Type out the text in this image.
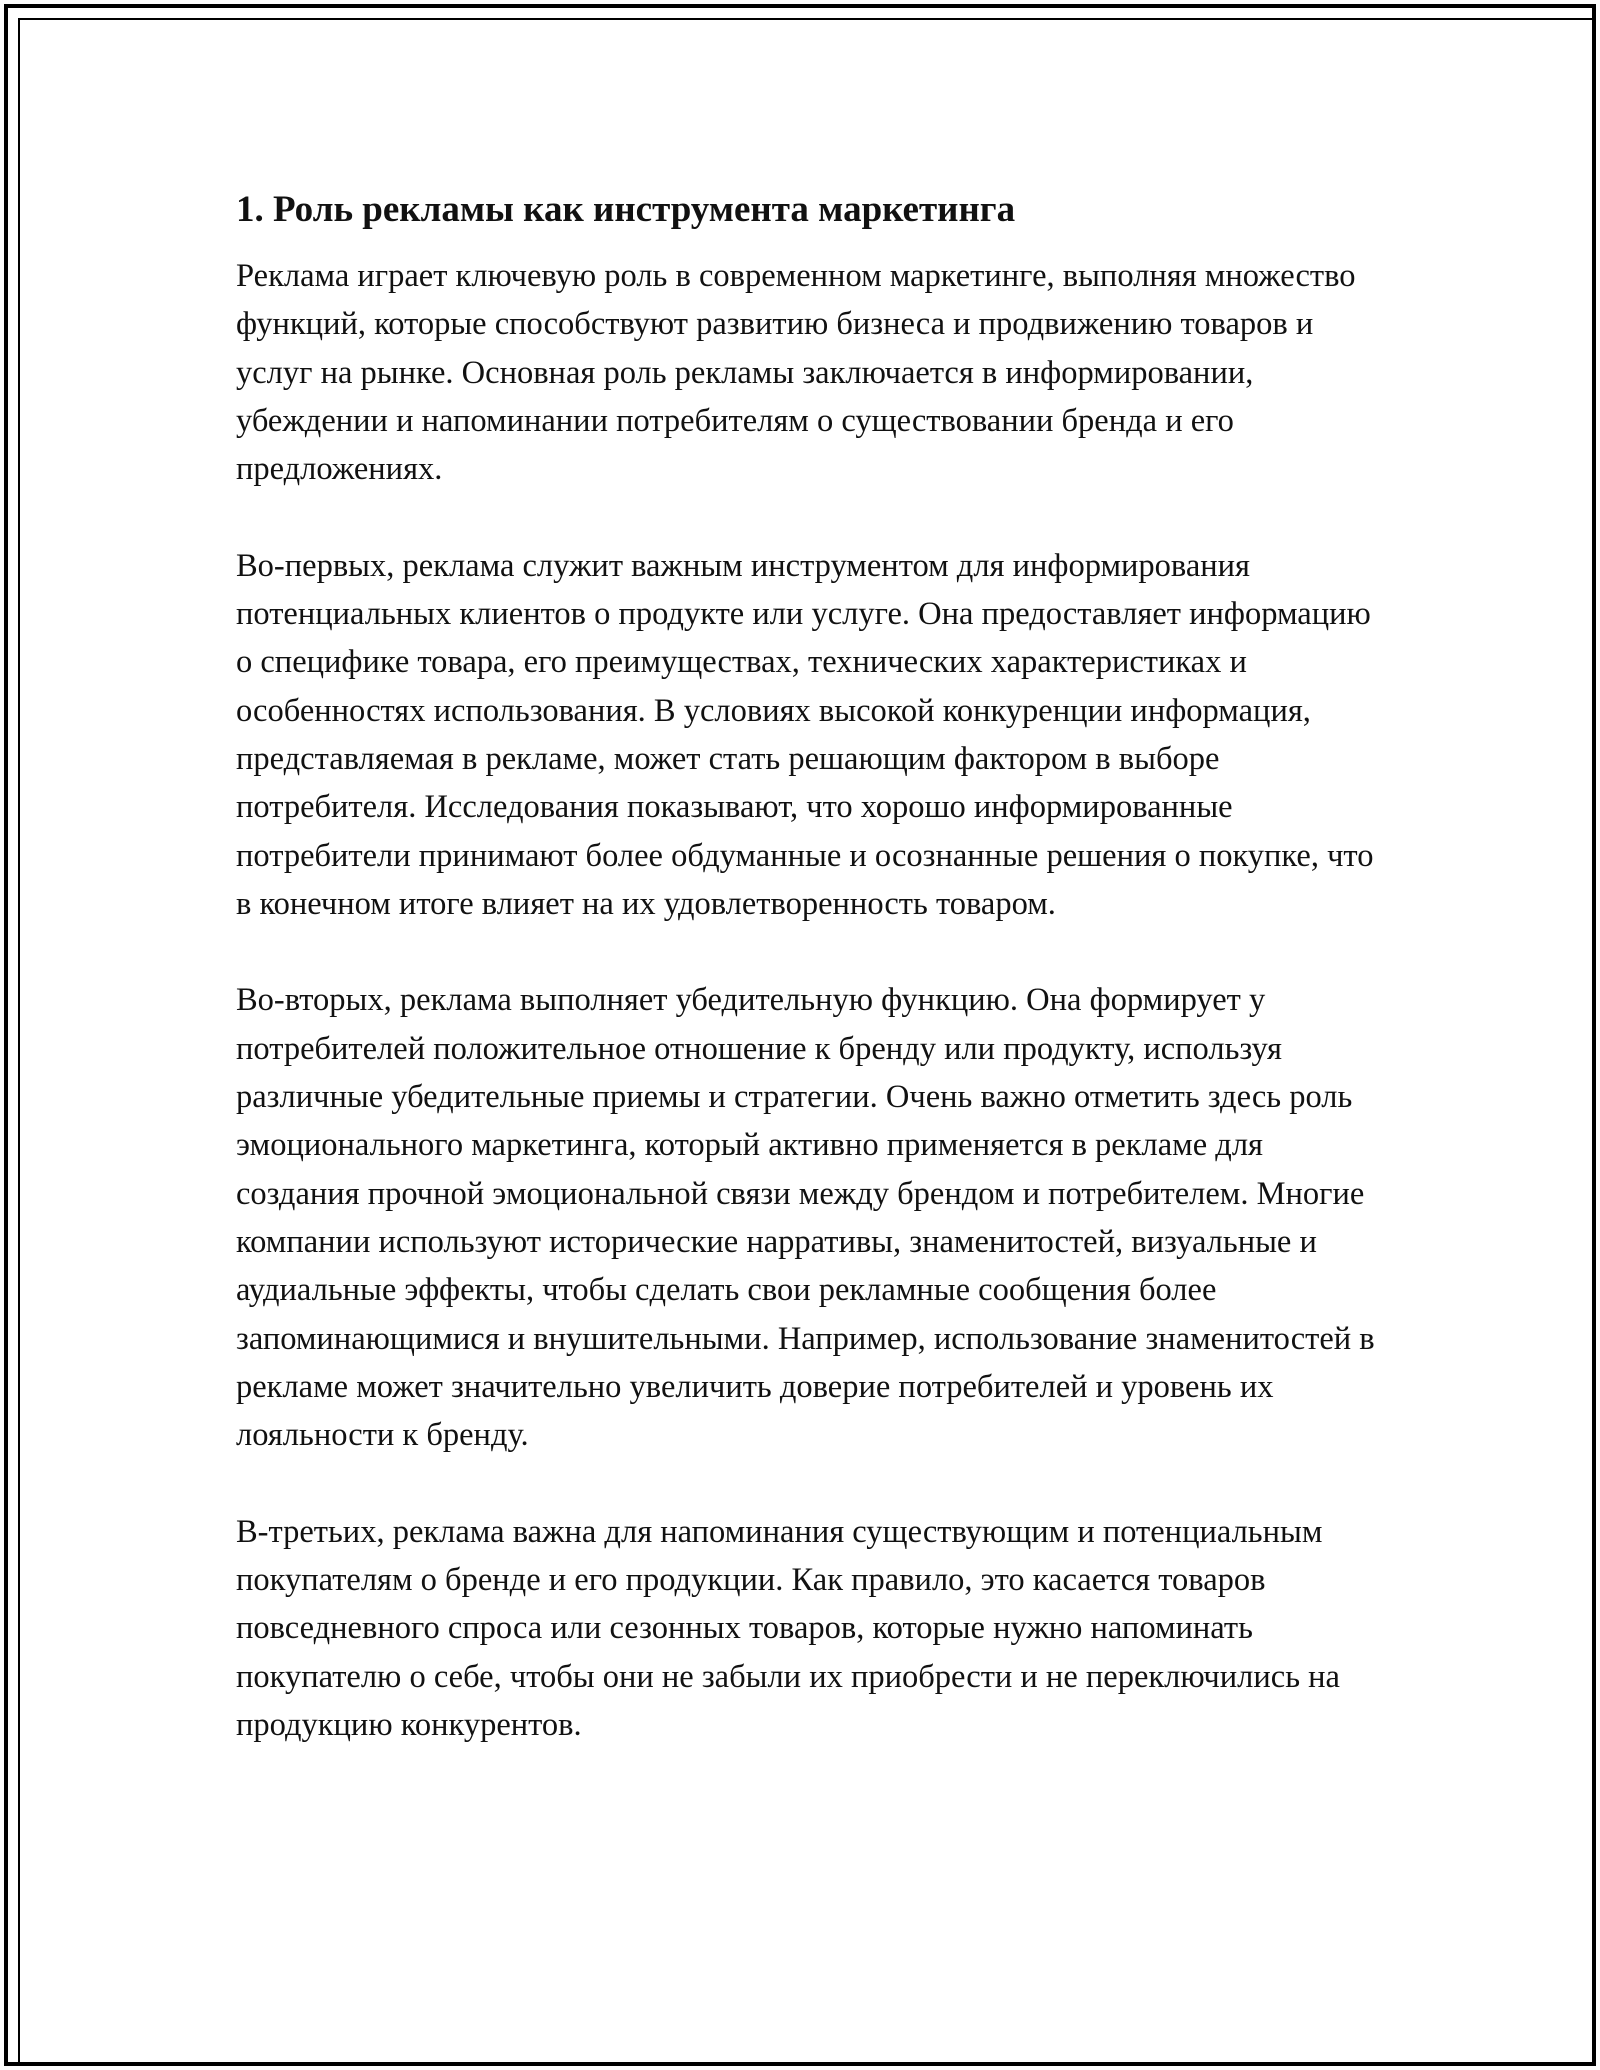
1. Роль рекламы как инструмента маркетинга

Реклама играет ключевую роль в современном маркетинге, выполняя множество функций, которые способствуют развитию бизнеса и продвижению товаров и услуг на рынке. Основная роль рекламы заключается в информировании, убеждении и напоминании потребителям о существовании бренда и его предложениях.

Во-первых, реклама служит важным инструментом для информирования потенциальных клиентов о продукте или услуге. Она предоставляет информацию о специфике товара, его преимуществах, технических характеристиках и особенностях использования. В условиях высокой конкуренции информация, представляемая в рекламе, может стать решающим фактором в выборе потребителя. Исследования показывают, что хорошо информированные потребители принимают более обдуманные и осознанные решения о покупке, что в конечном итоге влияет на их удовлетворенность товаром.

Во-вторых, реклама выполняет убедительную функцию. Она формирует у потребителей положительное отношение к бренду или продукту, используя различные убедительные приемы и стратегии. Очень важно отметить здесь роль эмоционального маркетинга, который активно применяется в рекламе для создания прочной эмоциональной связи между брендом и потребителем. Многие компании используют исторические нарративы, знаменитостей, визуальные и аудиальные эффекты, чтобы сделать свои рекламные сообщения более запоминающимися и внушительными. Например, использование знаменитостей в рекламе может значительно увеличить доверие потребителей и уровень их лояльности к бренду.

В-третьих, реклама важна для напоминания существующим и потенциальным покупателям о бренде и его продукции. Как правило, это касается товаров повседневного спроса или сезонных товаров, которые нужно напоминать покупателю о себе, чтобы они не забыли их приобрести и не переключились на продукцию конкурентов.
